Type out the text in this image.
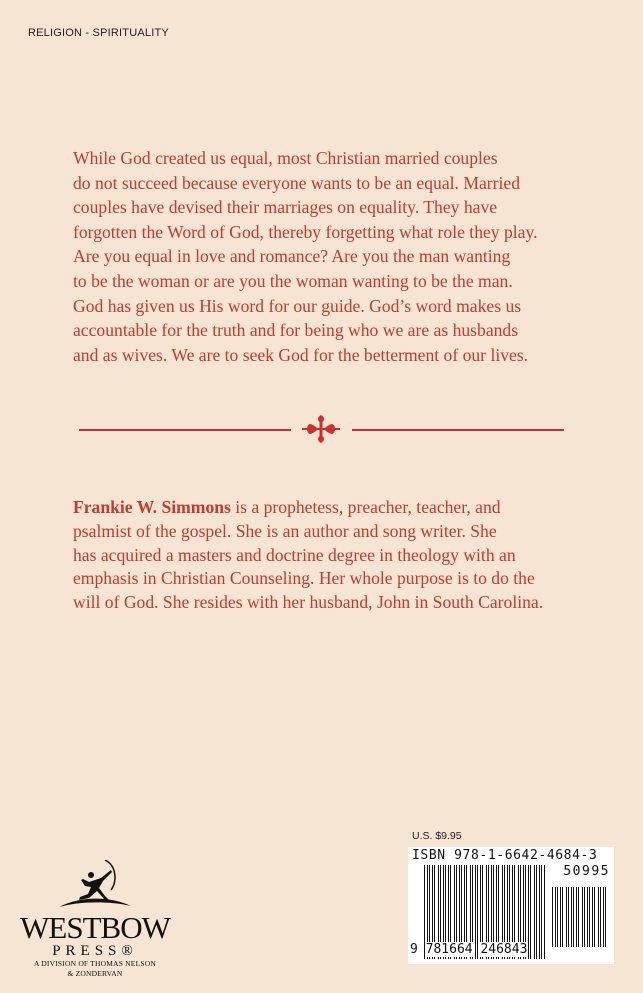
RELIGION - SPIRITUALITY
While God created us equal, most Christian married couples
do not succeed because everyone wants to be an equal. Married
couples have devised their marriages on equality. They have
forgotten the Word of God, thereby forgetting what role they play.
Are you equal in love and romance? Are you the man wanting
to be the woman or are you the woman wanting to be the man.
God has given us His word for our guide. God’s word makes us
accountable for the truth and for being who we are as husbands
and as wives. We are to seek God for the betterment of our lives.
Frankie W. Simmons is a prophetess, preacher, teacher, and
psalmist of the gospel. She is an author and song writer. She
has acquired a masters and doctrine degree in theology with an
emphasis in Christian Counseling. Her whole purpose is to do the
will of God. She resides with her husband, John in South Carolina.
WESTBOW
PRESS®
A DIVISION OF THOMAS NELSON
& ZONDERVAN
U.S. $9.95
ISBN 978-1-6642-4684-3
50995
9 781664 246843
